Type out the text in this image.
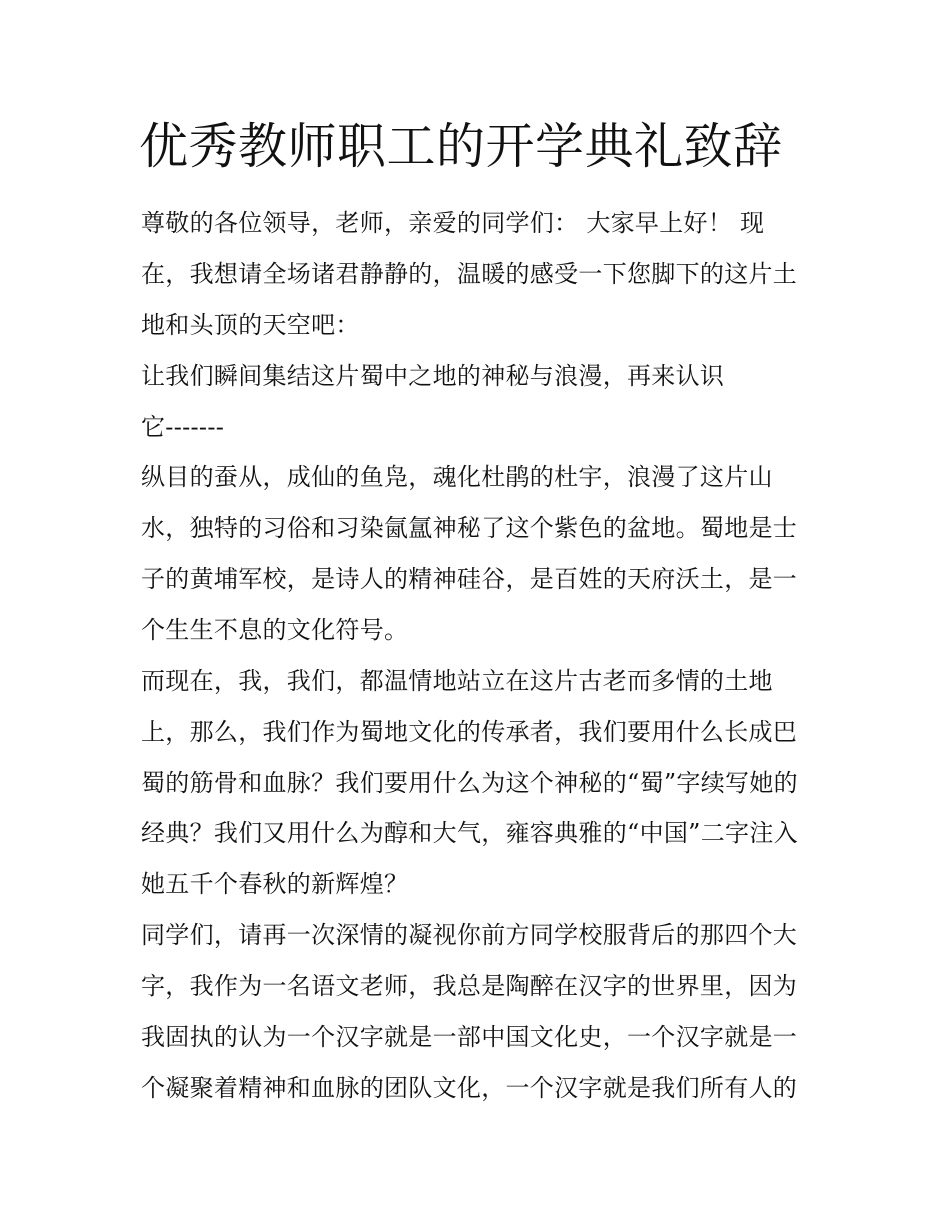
优秀教师职工的开学典礼致辞

尊敬的各位领导，老师，亲爱的同学们： 大家早上好！ 现

在，我想请全场诸君静静的，温暖的感受一下您脚下的这片土

地和头顶的天空吧：

让我们瞬间集结这片蜀中之地的神秘与浪漫，再来认识

它-------

纵目的蚕从，成仙的鱼凫，魂化杜鹃的杜宇，浪漫了这片山

水，独特的习俗和习染氤氲神秘了这个紫色的盆地。蜀地是士

子的黄埔军校，是诗人的精神硅谷，是百姓的天府沃土，是一

个生生不息的文化符号。

而现在，我，我们，都温情地站立在这片古老而多情的土地

上，那么，我们作为蜀地文化的传承者，我们要用什么长成巴

蜀的筋骨和血脉？我们要用什么为这个神秘的“蜀”字续写她的

经典？我们又用什么为醇和大气，雍容典雅的“中国”二字注入

她五千个春秋的新辉煌？

同学们，请再一次深情的凝视你前方同学校服背后的那四个大

字，我作为一名语文老师，我总是陶醉在汉字的世界里，因为

我固执的认为一个汉字就是一部中国文化史，一个汉字就是一

个凝聚着精神和血脉的团队文化，一个汉字就是我们所有人的
